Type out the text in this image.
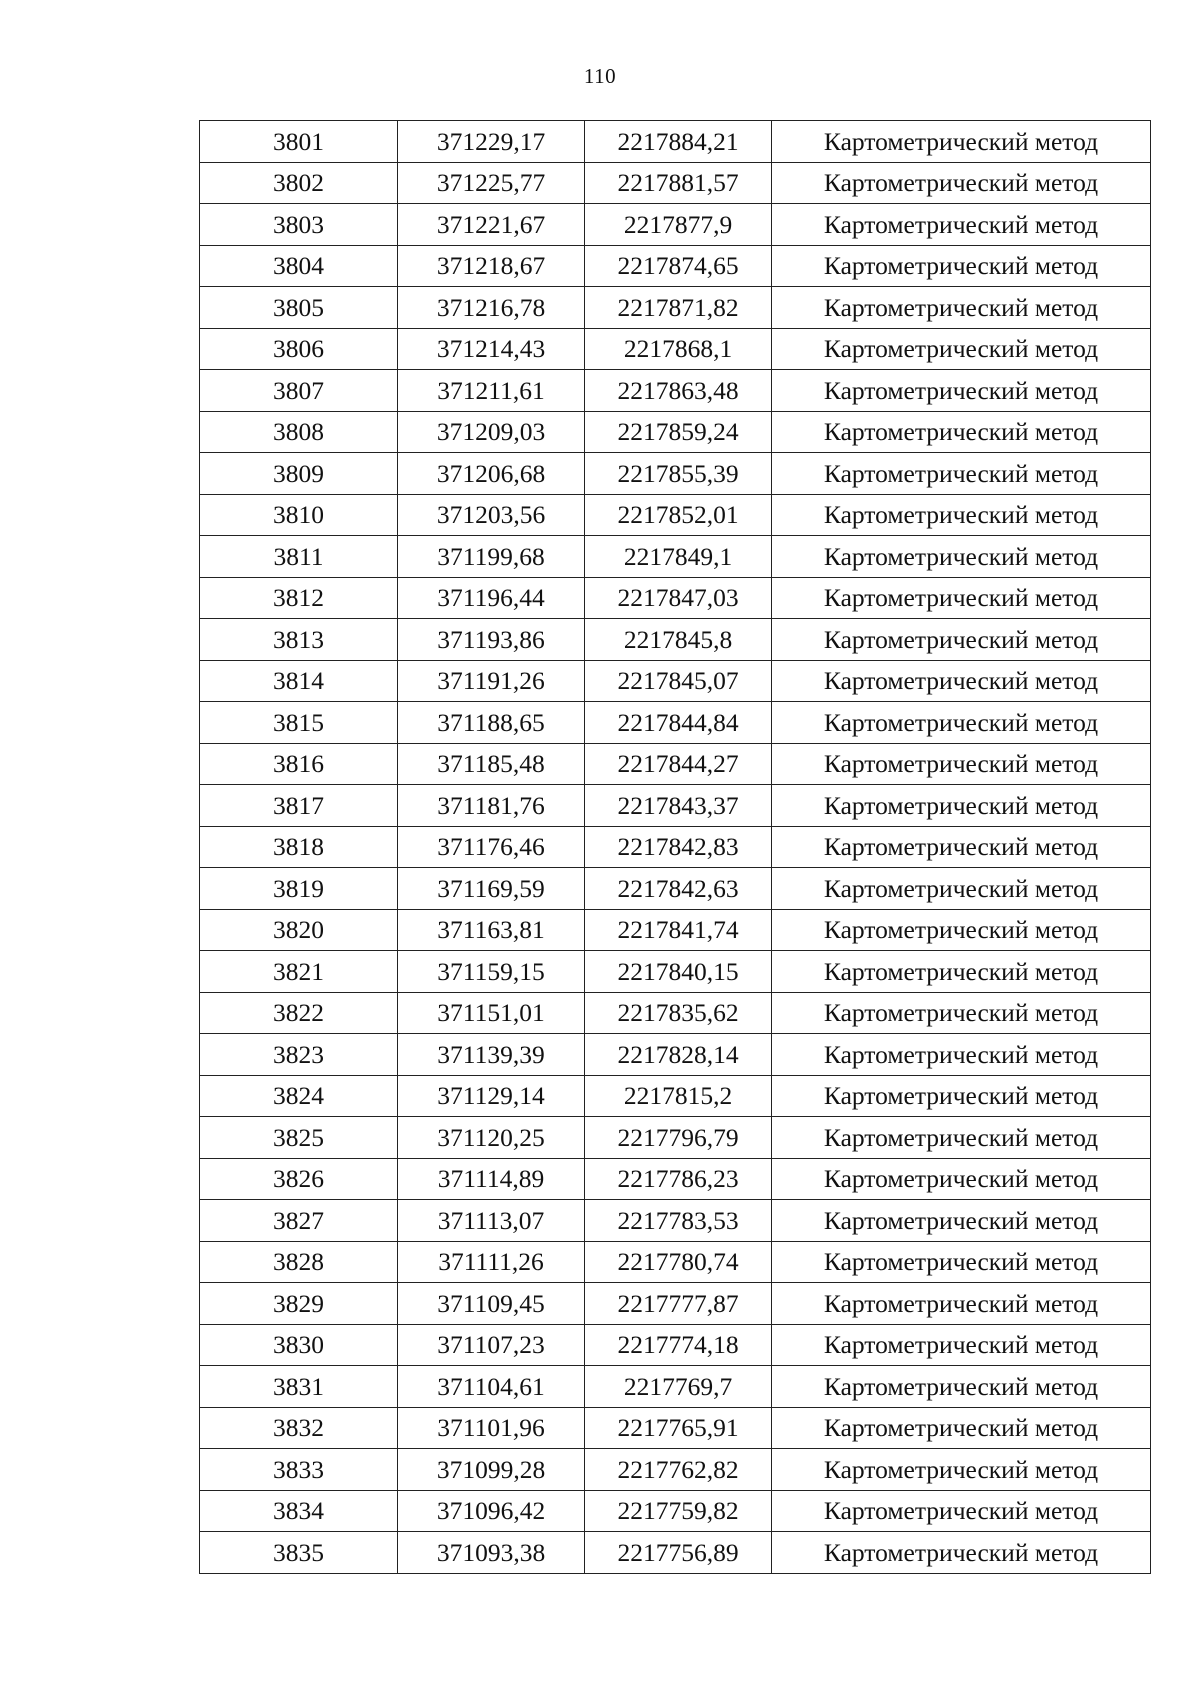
110
3801	371229,17	2217884,21	Картометрический метод
3802	371225,77	2217881,57	Картометрический метод
3803	371221,67	2217877,9	Картометрический метод
3804	371218,67	2217874,65	Картометрический метод
3805	371216,78	2217871,82	Картометрический метод
3806	371214,43	2217868,1	Картометрический метод
3807	371211,61	2217863,48	Картометрический метод
3808	371209,03	2217859,24	Картометрический метод
3809	371206,68	2217855,39	Картометрический метод
3810	371203,56	2217852,01	Картометрический метод
3811	371199,68	2217849,1	Картометрический метод
3812	371196,44	2217847,03	Картометрический метод
3813	371193,86	2217845,8	Картометрический метод
3814	371191,26	2217845,07	Картометрический метод
3815	371188,65	2217844,84	Картометрический метод
3816	371185,48	2217844,27	Картометрический метод
3817	371181,76	2217843,37	Картометрический метод
3818	371176,46	2217842,83	Картометрический метод
3819	371169,59	2217842,63	Картометрический метод
3820	371163,81	2217841,74	Картометрический метод
3821	371159,15	2217840,15	Картометрический метод
3822	371151,01	2217835,62	Картометрический метод
3823	371139,39	2217828,14	Картометрический метод
3824	371129,14	2217815,2	Картометрический метод
3825	371120,25	2217796,79	Картометрический метод
3826	371114,89	2217786,23	Картометрический метод
3827	371113,07	2217783,53	Картометрический метод
3828	371111,26	2217780,74	Картометрический метод
3829	371109,45	2217777,87	Картометрический метод
3830	371107,23	2217774,18	Картометрический метод
3831	371104,61	2217769,7	Картометрический метод
3832	371101,96	2217765,91	Картометрический метод
3833	371099,28	2217762,82	Картометрический метод
3834	371096,42	2217759,82	Картометрический метод
3835	371093,38	2217756,89	Картометрический метод
